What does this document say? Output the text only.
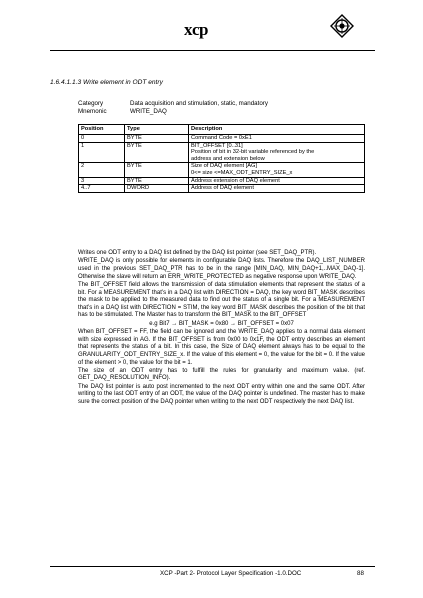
xcp
1.6.4.1.1.3 Write element in ODT entry
Category	Data acquisition and stimulation, static, mandatory
Mnemonic	WRITE_DAQ
Position	Type	Description
0	BYTE	Command Code = 0xE1

1	BYTE	BIT_OFFSET [0..31]
Position of bit in 32-bit variable referenced by the
address and extension below

2	BYTE	Size of DAQ element [AG]
0<= size <=MAX_ODT_ENTRY_SIZE_x

3	BYTE	Address extension of DAQ element

4..7	DWORD	Address of DAQ element

Writes one ODT entry to a DAQ list defined by the DAQ list pointer (see SET_DAQ_PTR).

WRITE_DAQ is only possible for elements in configurable DAQ lists. Therefore the DAQ_LIST_NUMBER used in the previous SET_DAQ_PTR has to be in the range [MIN_DAQ, MIN_DAQ+1,..MAX_DAQ-1]. Otherwise the slave will return an ERR_WRITE_PROTECTED as negative response upon WRITE_DAQ.

The BIT_OFFSET field allows the transmission of data stimulation elements that represent the status of a bit. For a MEASUREMENT that’s in a DAQ list with DIRECTION = DAQ, the key word BIT_MASK describes the mask to be applied to the measured data to find out the status of a single bit. For a MEASUREMENT that’s in a DAQ list with DIRECTION = STIM, the key word BIT_MASK describes the position of the bit that has to be stimulated. The Master has to transform the BIT_MASK to the BIT_OFFSET

e.g Bit7 → BIT_MASK = 0x80 → BIT_OFFSET = 0x07

When BIT_OFFSET = FF, the field can be ignored and the WRITE_DAQ applies to a normal data element with size expressed in AG. If the BIT_OFFSET is from 0x00 to 0x1F, the ODT entry describes an element that represents the status of a bit. In this case, the Size of DAQ element always has to be equal to the GRANULARITY_ODT_ENTRY_SIZE_x. If the value of this element = 0, the value for the bit = 0. If the value of the element > 0, the value for the bit = 1.

The size of an ODT entry has to fulfill the rules for granularity and maximum value. (ref. GET_DAQ_RESOLUTION_INFO).

The DAQ list pointer is auto post incremented to the next ODT entry within one and the same ODT. After writing to the last ODT entry of an ODT, the value of the DAQ pointer is undefined. The master has to make sure the correct position of the DAQ pointer when writing to the next ODT respectively the next DAQ list.

XCP -Part 2- Protocol Layer Specification -1.0.DOC	88
